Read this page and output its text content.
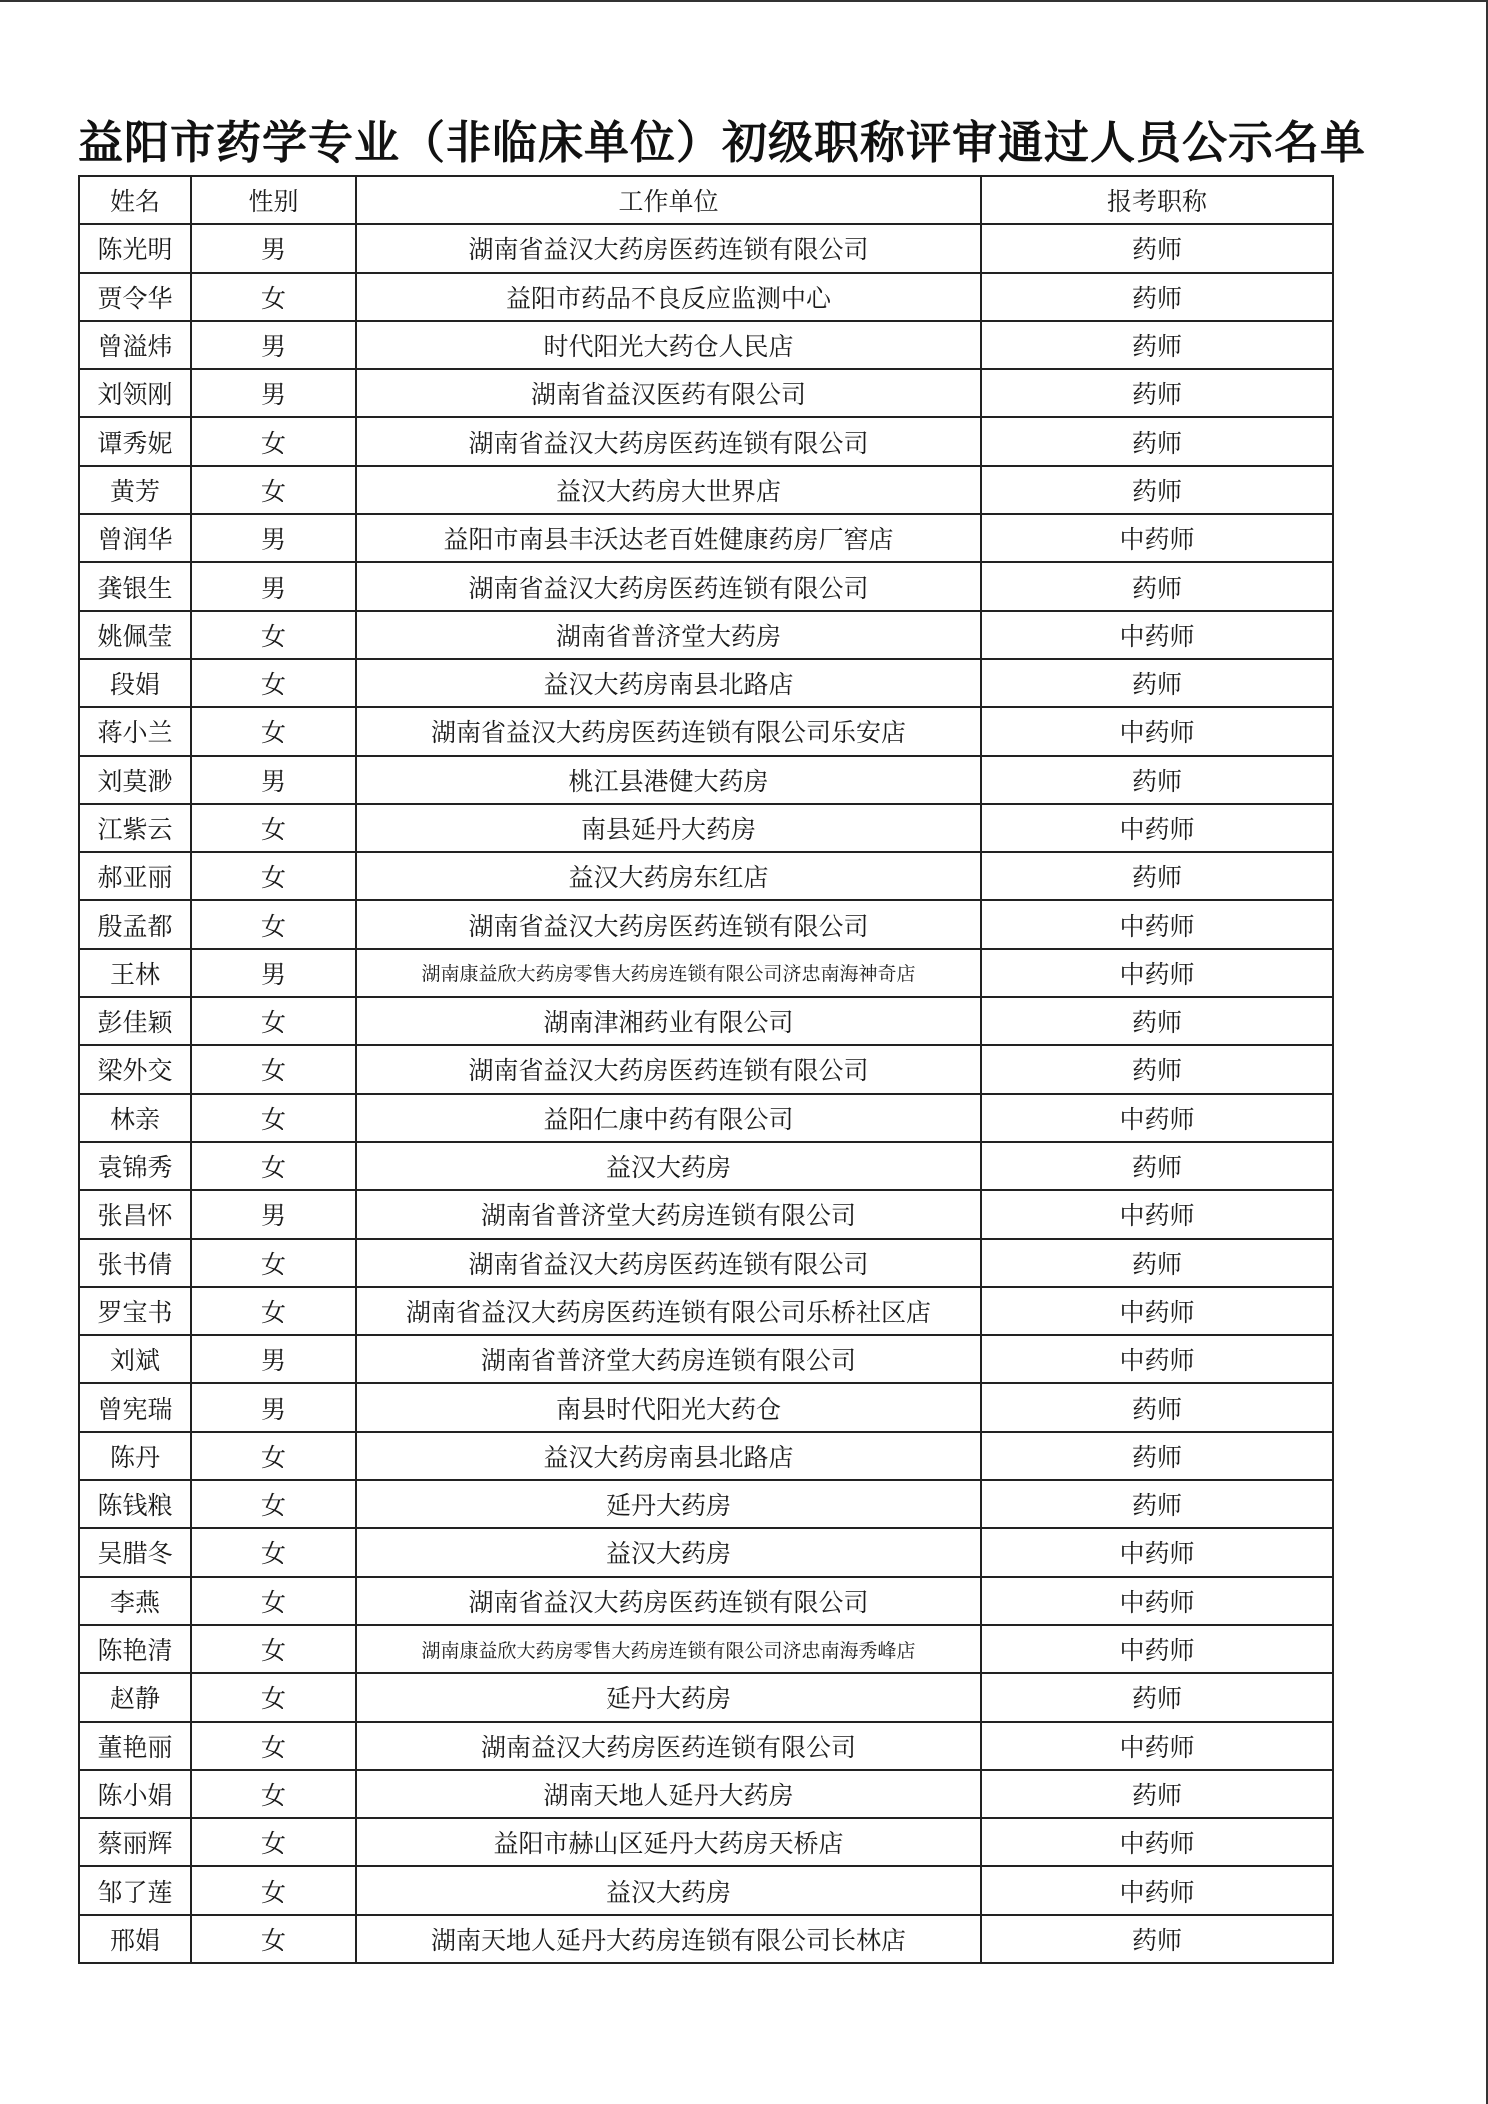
益阳市药学专业（非临床单位）初级职称评审通过人员公示名单
姓名	性别	工作单位	报考职称
陈光明	男	湖南省益汉大药房医药连锁有限公司	药师
贾令华	女	益阳市药品不良反应监测中心	药师
曾溢炜	男	时代阳光大药仓人民店	药师
刘领刚	男	湖南省益汉医药有限公司	药师
谭秀妮	女	湖南省益汉大药房医药连锁有限公司	药师
黄芳	女	益汉大药房大世界店	药师
曾润华	男	益阳市南县丰沃达老百姓健康药房厂窖店	中药师
龚银生	男	湖南省益汉大药房医药连锁有限公司	药师
姚佩莹	女	湖南省普济堂大药房	中药师
段娟	女	益汉大药房南县北路店	药师
蒋小兰	女	湖南省益汉大药房医药连锁有限公司乐安店	中药师
刘莫渺	男	桃江县港健大药房	药师
江紫云	女	南县延丹大药房	中药师
郝亚丽	女	益汉大药房东红店	药师
殷孟都	女	湖南省益汉大药房医药连锁有限公司	中药师
王林	男	湖南康益欣大药房零售大药房连锁有限公司济忠南海神奇店	中药师
彭佳颖	女	湖南津湘药业有限公司	药师
梁外交	女	湖南省益汉大药房医药连锁有限公司	药师
林亲	女	益阳仁康中药有限公司	中药师
袁锦秀	女	益汉大药房	药师
张昌怀	男	湖南省普济堂大药房连锁有限公司	中药师
张书倩	女	湖南省益汉大药房医药连锁有限公司	药师
罗宝书	女	湖南省益汉大药房医药连锁有限公司乐桥社区店	中药师
刘斌	男	湖南省普济堂大药房连锁有限公司	中药师
曾宪瑞	男	南县时代阳光大药仓	药师
陈丹	女	益汉大药房南县北路店	药师
陈钱粮	女	延丹大药房	药师
吴腊冬	女	益汉大药房	中药师
李燕	女	湖南省益汉大药房医药连锁有限公司	中药师
陈艳清	女	湖南康益欣大药房零售大药房连锁有限公司济忠南海秀峰店	中药师
赵静	女	延丹大药房	药师
董艳丽	女	湖南益汉大药房医药连锁有限公司	中药师
陈小娟	女	湖南天地人延丹大药房	药师
蔡丽辉	女	益阳市赫山区延丹大药房天桥店	中药师
邹了莲	女	益汉大药房	中药师
邢娟	女	湖南天地人延丹大药房连锁有限公司长林店	药师
